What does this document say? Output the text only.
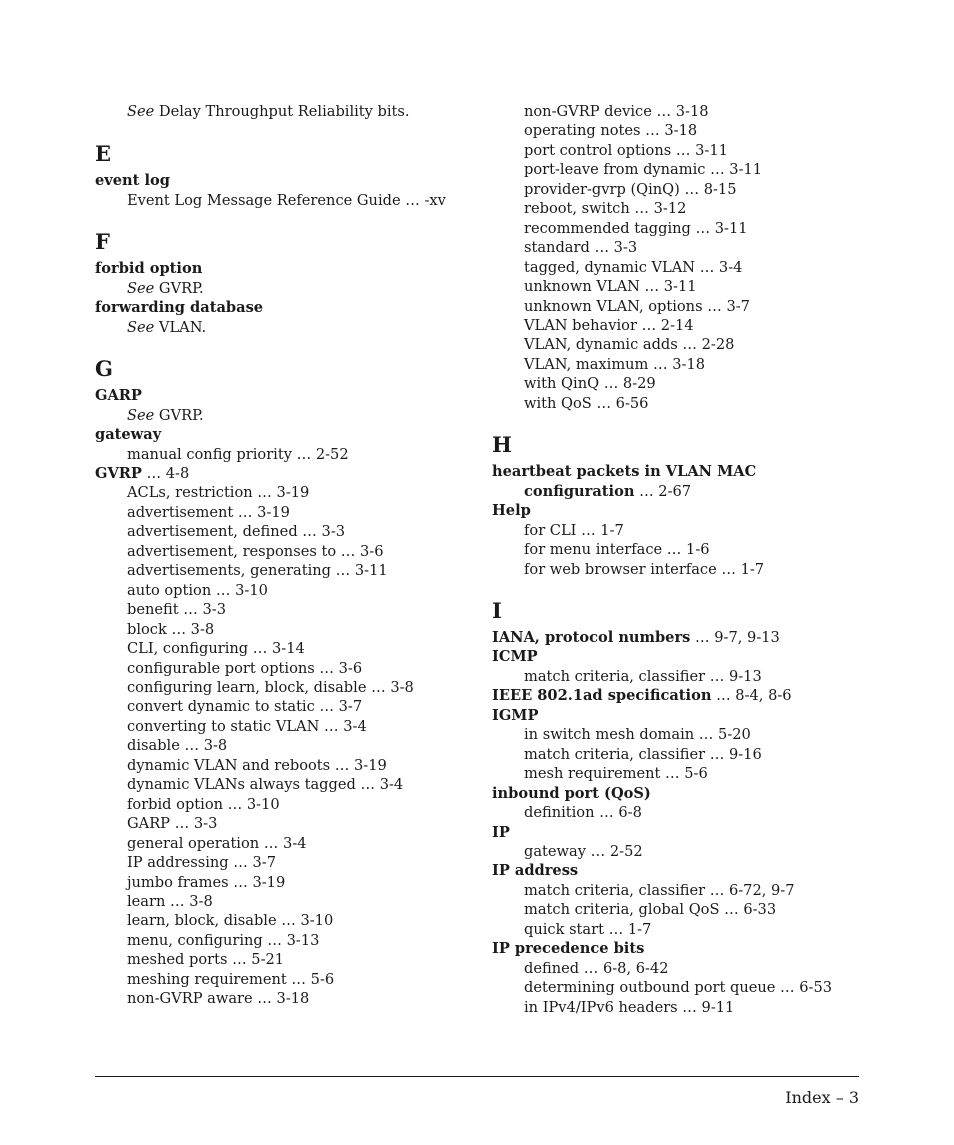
See Delay Throughput Reliability bits.
E
event log
Event Log Message Reference Guide … -xv
F
forbid option
See GVRP.
forwarding database
See VLAN.
G
GARP
See GVRP.
gateway
manual config priority … 2-52
GVRP … 4-8
ACLs, restriction … 3-19
advertisement … 3-19
advertisement, defined … 3-3
advertisement, responses to … 3-6
advertisements, generating … 3-11
auto option … 3-10
benefit … 3-3
block … 3-8
CLI, configuring … 3-14
configurable port options … 3-6
configuring learn, block, disable … 3-8
convert dynamic to static … 3-7
converting to static VLAN … 3-4
disable … 3-8
dynamic VLAN and reboots … 3-19
dynamic VLANs always tagged … 3-4
forbid option … 3-10
GARP … 3-3
general operation … 3-4
IP addressing … 3-7
jumbo frames … 3-19
learn … 3-8
learn, block, disable … 3-10
menu, configuring … 3-13
meshed ports … 5-21
meshing requirement … 5-6
non-GVRP aware … 3-18
non-GVRP device … 3-18
operating notes … 3-18
port control options … 3-11
port-leave from dynamic … 3-11
provider-gvrp (QinQ) … 8-15
reboot, switch … 3-12
recommended tagging … 3-11
standard … 3-3
tagged, dynamic VLAN … 3-4
unknown VLAN … 3-11
unknown VLAN, options … 3-7
VLAN behavior … 2-14
VLAN, dynamic adds … 2-28
VLAN, maximum … 3-18
with QinQ … 8-29
with QoS … 6-56
H
heartbeat packets in VLAN MAC
configuration … 2-67
Help
for CLI … 1-7
for menu interface … 1-6
for web browser interface … 1-7
I
IANA, protocol numbers … 9-7, 9-13
ICMP
match criteria, classifier … 9-13
IEEE 802.1ad specification … 8-4, 8-6
IGMP
in switch mesh domain … 5-20
match criteria, classifier … 9-16
mesh requirement … 5-6
inbound port (QoS)
definition … 6-8
IP
gateway … 2-52
IP address
match criteria, classifier … 6-72, 9-7
match criteria, global QoS … 6-33
quick start … 1-7
IP precedence bits
defined … 6-8, 6-42
determining outbound port queue … 6-53
in IPv4/IPv6 headers … 9-11
Index – 3
